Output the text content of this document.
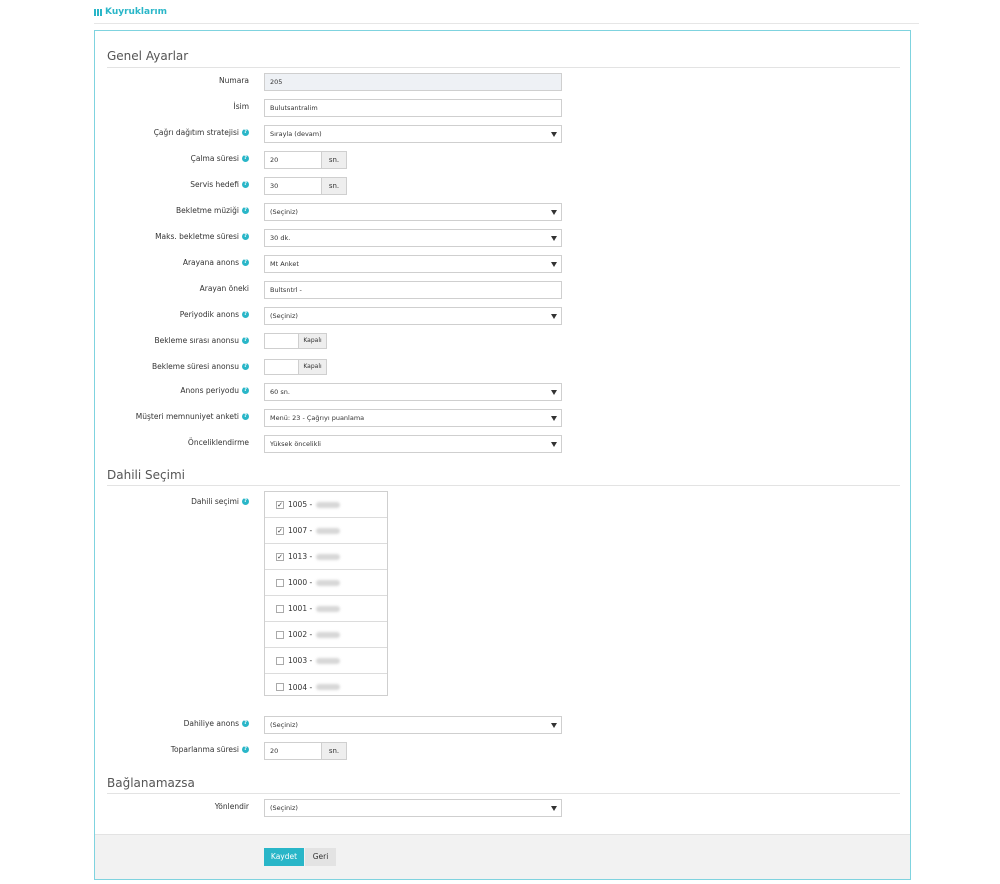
Kuyruklarım
Genel Ayarlar
Numara	205
İsim	Bulutsantralim
Çağrı dağıtım stratejisi ?	Sırayla (devam)
Çalma süresi ?	20	sn.
Servis hedefi ?	30	sn.
Bekletme müziği ?	(Seçiniz)
Maks. bekletme süresi ?	30 dk.
Arayana anons ?	Mt Anket
Arayan öneki	Bultsntrl -
Periyodik anons ?	(Seçiniz)
Bekleme sırası anonsu ?	Kapalı
Bekleme süresi anonsu ?	Kapalı
Anons periyodu ?	60 sn.
Müşteri memnuniyet anketi ?	Menü: 23 - Çağrıyı puanlama
Önceliklendirme	Yüksek öncelikli
Dahili Seçimi
Dahili seçimi ?	✓ 1005 -
✓ 1007 -
✓ 1013 -
1000 -
1001 -
1002 -
1003 -
1004 -
Dahiliye anons ?	(Seçiniz)
Toparlanma süresi ?	20	sn.
Bağlanamazsa
Yönlendir	(Seçiniz)
Kaydet	Geri
